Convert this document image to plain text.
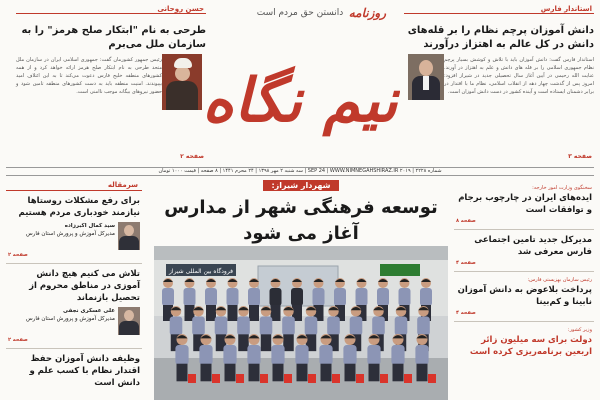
استاندار فارس
دانش آموزان پرچم نظام را بر قله‌های دانش در کل عالم به اهتزاز درآورند
استاندار فارس گفت: دانش آموزان باید با تلاش و کوشش بسیار پرچم نظام جمهوری اسلامی را بر قله های دانش و علم به اهتزاز در آورند. عنایت الله رحیمی در آیین آغاز سال تحصیلی جدید در شیراز افزود: امروز پس از گذشت چهار دهه از انقلاب اسلامی، نظام ما با اقتدار در برابر دشمنان ایستاده است و آینده کشور در دست دانش آموزان است.
صفحه ۳
روزنامه
دانستن حق مردم است
نیم نگاه
حسن روحانی
طرحی به نام "ابتکار صلح هرمز" را به سازمان ملل می‌برم
رئیس جمهور کشورمان گفت: جمهوری اسلامی ایران در سازمان ملل متحد طرحی به نام ابتکار صلح هرمز ارائه خواهد کرد و از همه کشورهای منطقه خلیج فارس دعوت می‌کند تا به این ائتلاف امید بپیوندند. امنیت منطقه باید به دست کشورهای منطقه تامین شود و حضور نیروهای بیگانه موجب ناامنی است.
صفحه ۲
شماره ۲۲۲۸ | ۲۰۱۹ SEP 24 | WWW.NIMNEGAHSHIRAZ.IR | سه شنبه ۲ مهر ۱۳۹۸ | ۲۴ محرم ۱۴۴۱ | ۸ صفحه | قیمت ۱۰۰۰ تومان
سرمقاله
برای رفع مشکلات روستاها نیازمند خودباری مردم هستیم
سید کمال اکبرزاده
مدیرکل آموزش و پرورش استان فارس
صفحه ۲
تلاش می کنیم هیچ دانش آموزی در مناطق محروم از تحصیل بازنماند
علی عسکری نجفی
مدیرکل آموزش و پرورش استان فارس
صفحه ۲
وظیفه دانش آموزان حفظ اقتدار نظام با کسب علم و دانش است
شهردار شیراز:
توسعه فرهنگی شهر از مدارس آغاز می شود
فرودگاه بین المللی شیراز
سخنگوی وزارت امور خارجه:
ایده‌های ایران در چارچوب برجام و توافقات است
صفحه ۸
مدیرکل جدید تامین اجتماعی فارس معرفی شد
صفحه ۴
رئیس سازمان بهزیستی فارس:
پرداخت بلاعوض به دانش آموزان نابینا و کم‌بینا
صفحه ۴
وزیر کشور:
دولت برای سه میلیون زائر اربعین برنامه‌ریزی کرده است
